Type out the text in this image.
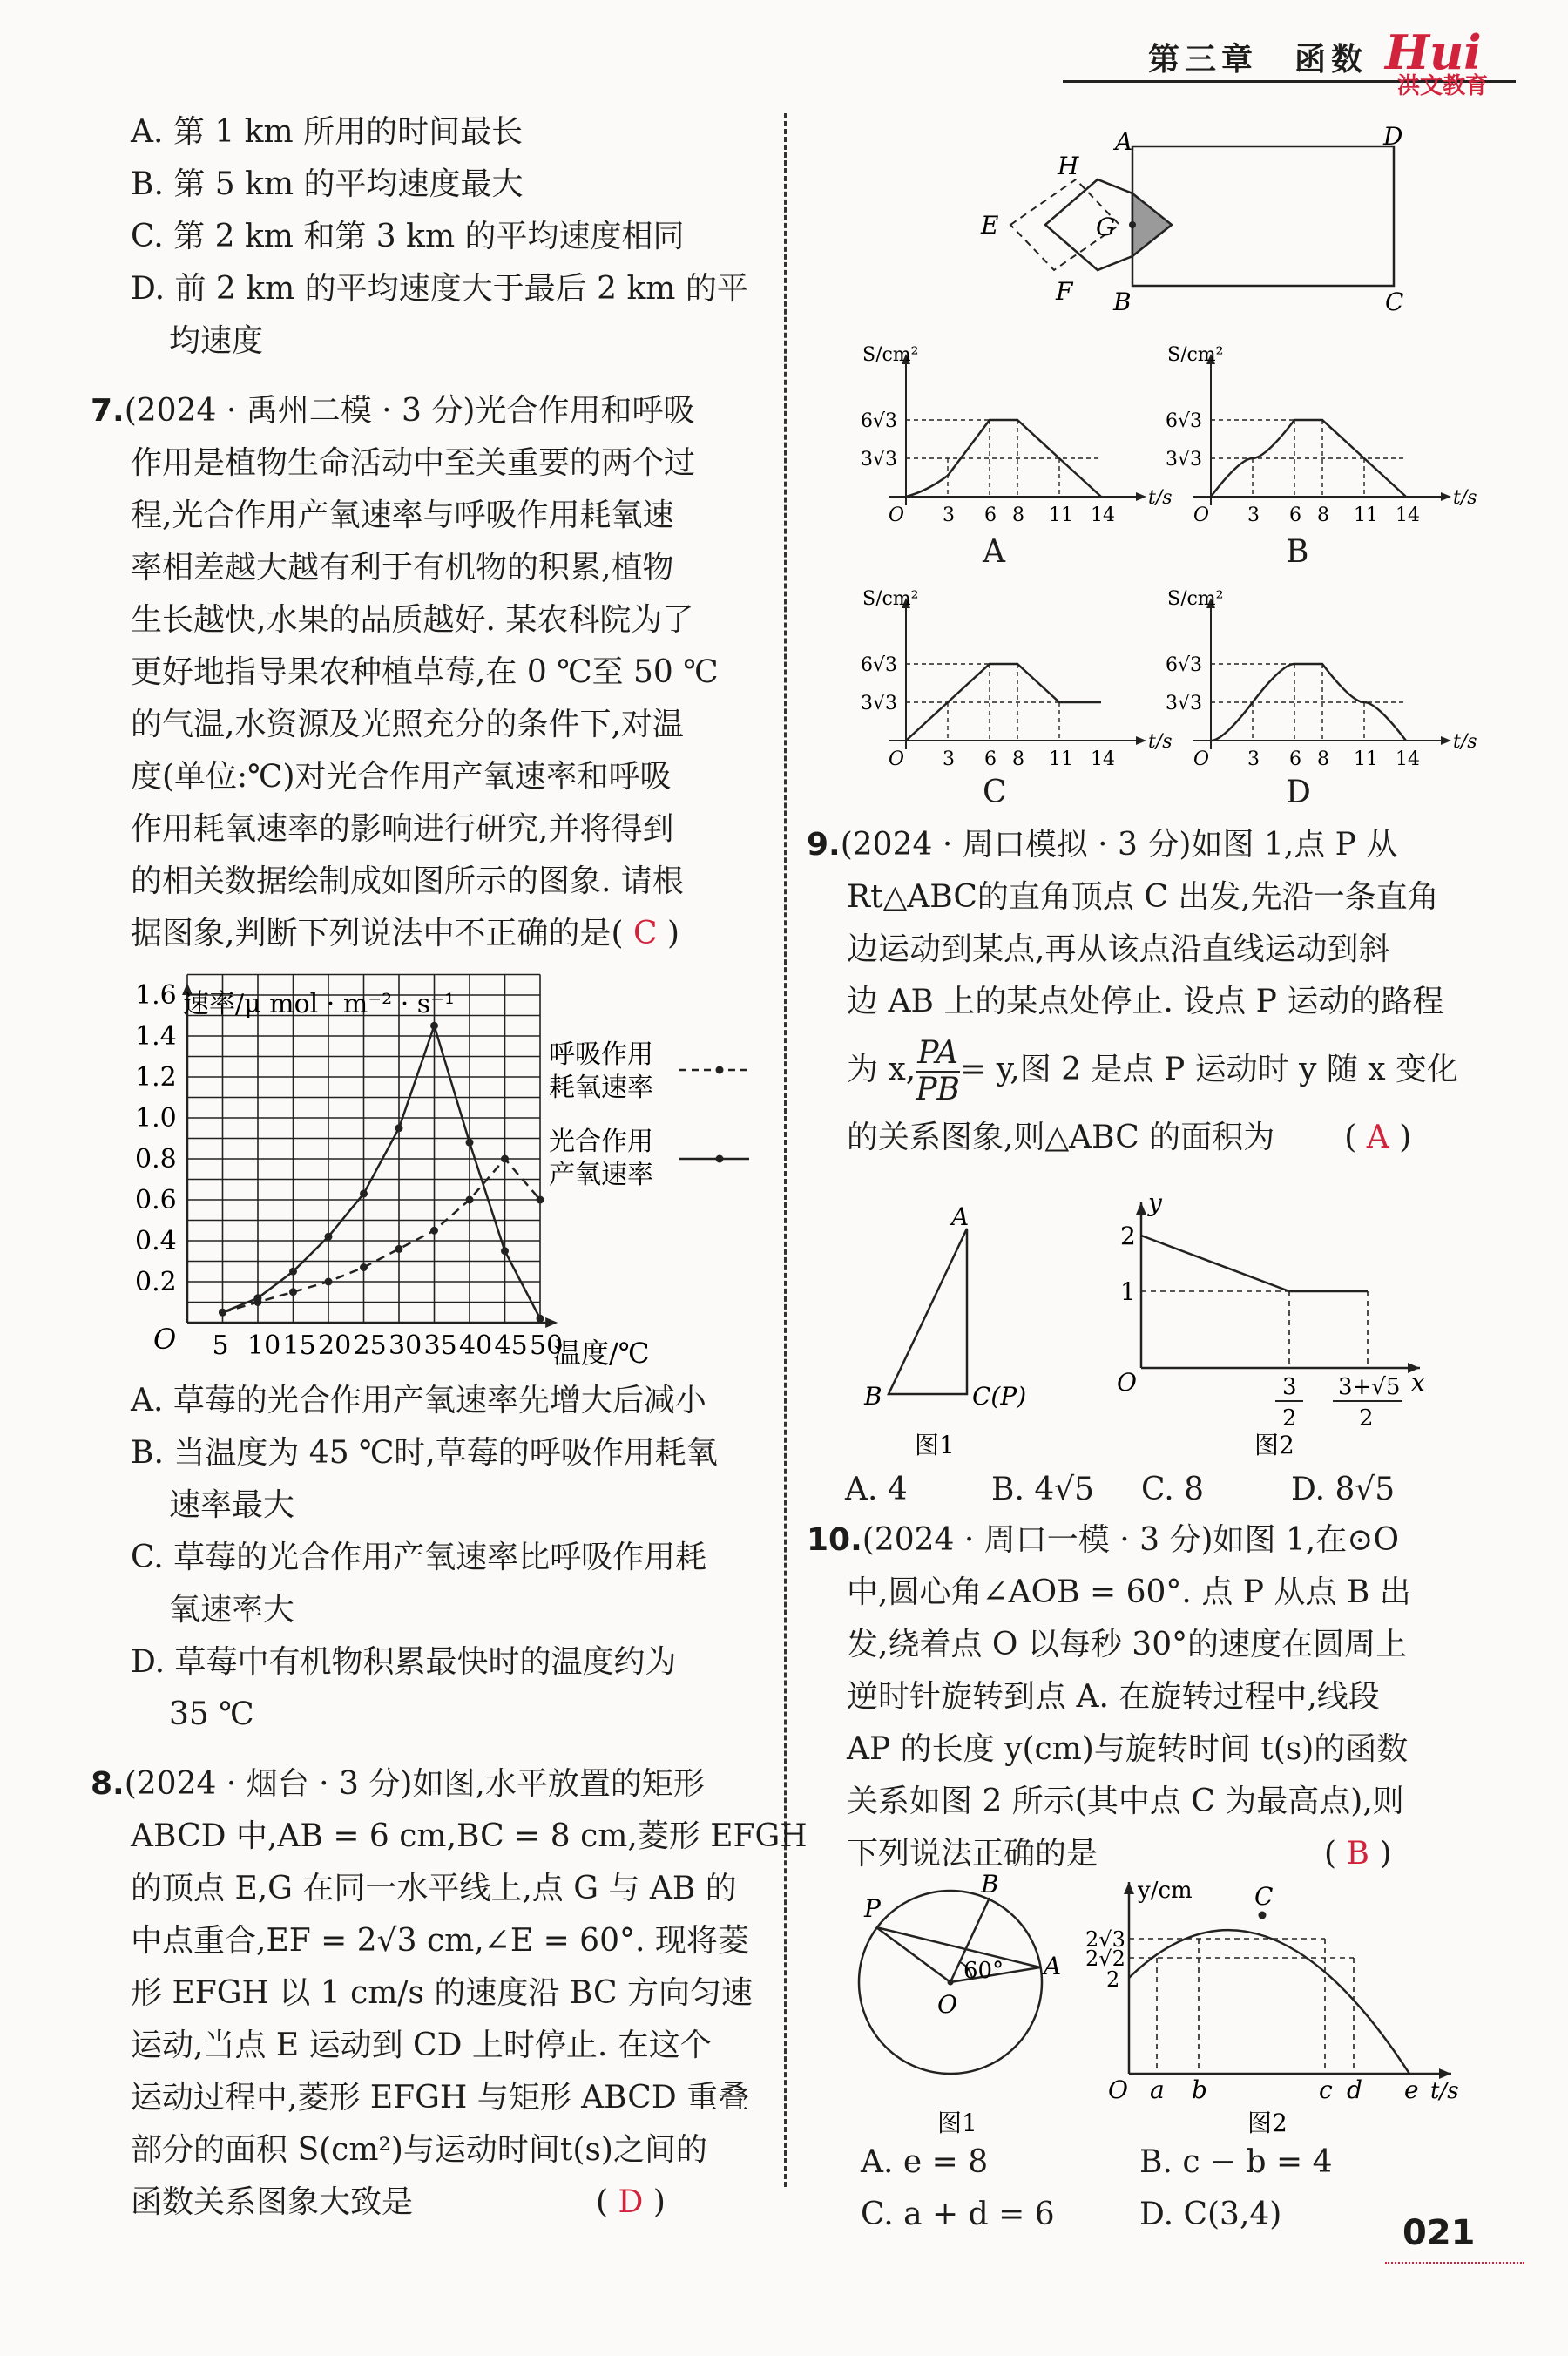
第三章　函数 Hui
洪文教育
A. 第 1 km 所用的时间最长
B. 第 5 km 的平均速度最大
C. 第 2 km 和第 3 km 的平均速度相同
D. 前 2 km 的平均速度大于最后 2 km 的平
均速度
7.(2024 · 禹州二模 · 3 分)光合作用和呼吸
作用是植物生命活动中至关重要的两个过
程,光合作用产氧速率与呼吸作用耗氧速
率相差越大越有利于有机物的积累,植物
生长越快,水果的品质越好. 某农科院为了
更好地指导果农种植草莓,在 0 ℃至 50 ℃
的气温,水资源及光照充分的条件下,对温
度(单位:℃)对光合作用产氧速率和呼吸
作用耗氧速率的影响进行研究,并将得到
的相关数据绘制成如图所示的图象. 请根
据图象,判断下列说法中不正确的是( C )
5 10 15 20 25 30 35 40 45 50
1.6
1.4
1.2
1.0
0.8
0.6
0.4
0.2
速率/μ mol · m⁻² · s⁻¹
O	温度/℃
呼吸作用
耗氧速率
光合作用
产氧速率
A. 草莓的光合作用产氧速率先增大后减小
B. 当温度为 45 ℃时,草莓的呼吸作用耗氧
速率最大
C. 草莓的光合作用产氧速率比呼吸作用耗
氧速率大
D. 草莓中有机物积累最快时的温度约为
35 ℃
8.(2024 · 烟台 · 3 分)如图,水平放置的矩形
ABCD 中,AB = 6 cm,BC = 8 cm,菱形 EFGH
的顶点 E,G 在同一水平线上,点 G 与 AB 的
中点重合,EF = 2√3 cm,∠E = 60°. 现将菱
形 EFGH 以 1 cm/s 的速度沿 BC 方向匀速
运动,当点 E 运动到 CD 上时停止. 在这个
运动过程中,菱形 EFGH 与矩形 ABCD 重叠
部分的面积 S(cm²)与运动时间t(s)之间的
函数关系图象大致是	( D )
A
B	C
D
E
F
G
H
S/cm²
t/s
O
6√3
3√3
3 6 8 11 14
S/cm²
t/s
O
6√3
3√3
3 6 8 11 14
S/cm²
t/s
O
6√3
3√3
3 6 8 11 14
S/cm²
t/s
O
6√3
3√3
3 6 8 11 14
A	B
C	D
9.(2024 · 周口模拟 · 3 分)如图 1,点 P 从
Rt△ABC的直角顶点 C 出发,先沿一条直角
边运动到某点,再从该点沿直线运动到斜
边 AB 上的某点处停止. 设点 P 运动的路程
为 x, $\frac{PA}{PB} = y$,图 2 是点 P 运动时 y 随 x 变化
的关系图象,则△ABC 的面积为 ( A )
A
B	C(P)
图1
y
x
O
2
1
3
2
3+√5
2
图2
A. 4	B. 4√5 C. 8	D. 8√5
10.(2024 · 周口一模 · 3 分)如图 1,在⊙O
中,圆心角∠AOB = 60°. 点 P 从点 B 出
发,绕着点 O 以每秒 30°的速度在圆周上
逆时针旋转到点 A. 在旋转过程中,线段
AP 的长度 y(cm)与旋转时间 t(s)的函数
关系如图 2 所示(其中点 C 为最高点),则
下列说法正确的是	( B )
P
B
A
O
60°
图1
y/cm	C
2√3
2√2
2
O a b	c d e t/s
图2
A. e = 8	B. c − b = 4
C. a + d = 6	D. C(3,4)	021
